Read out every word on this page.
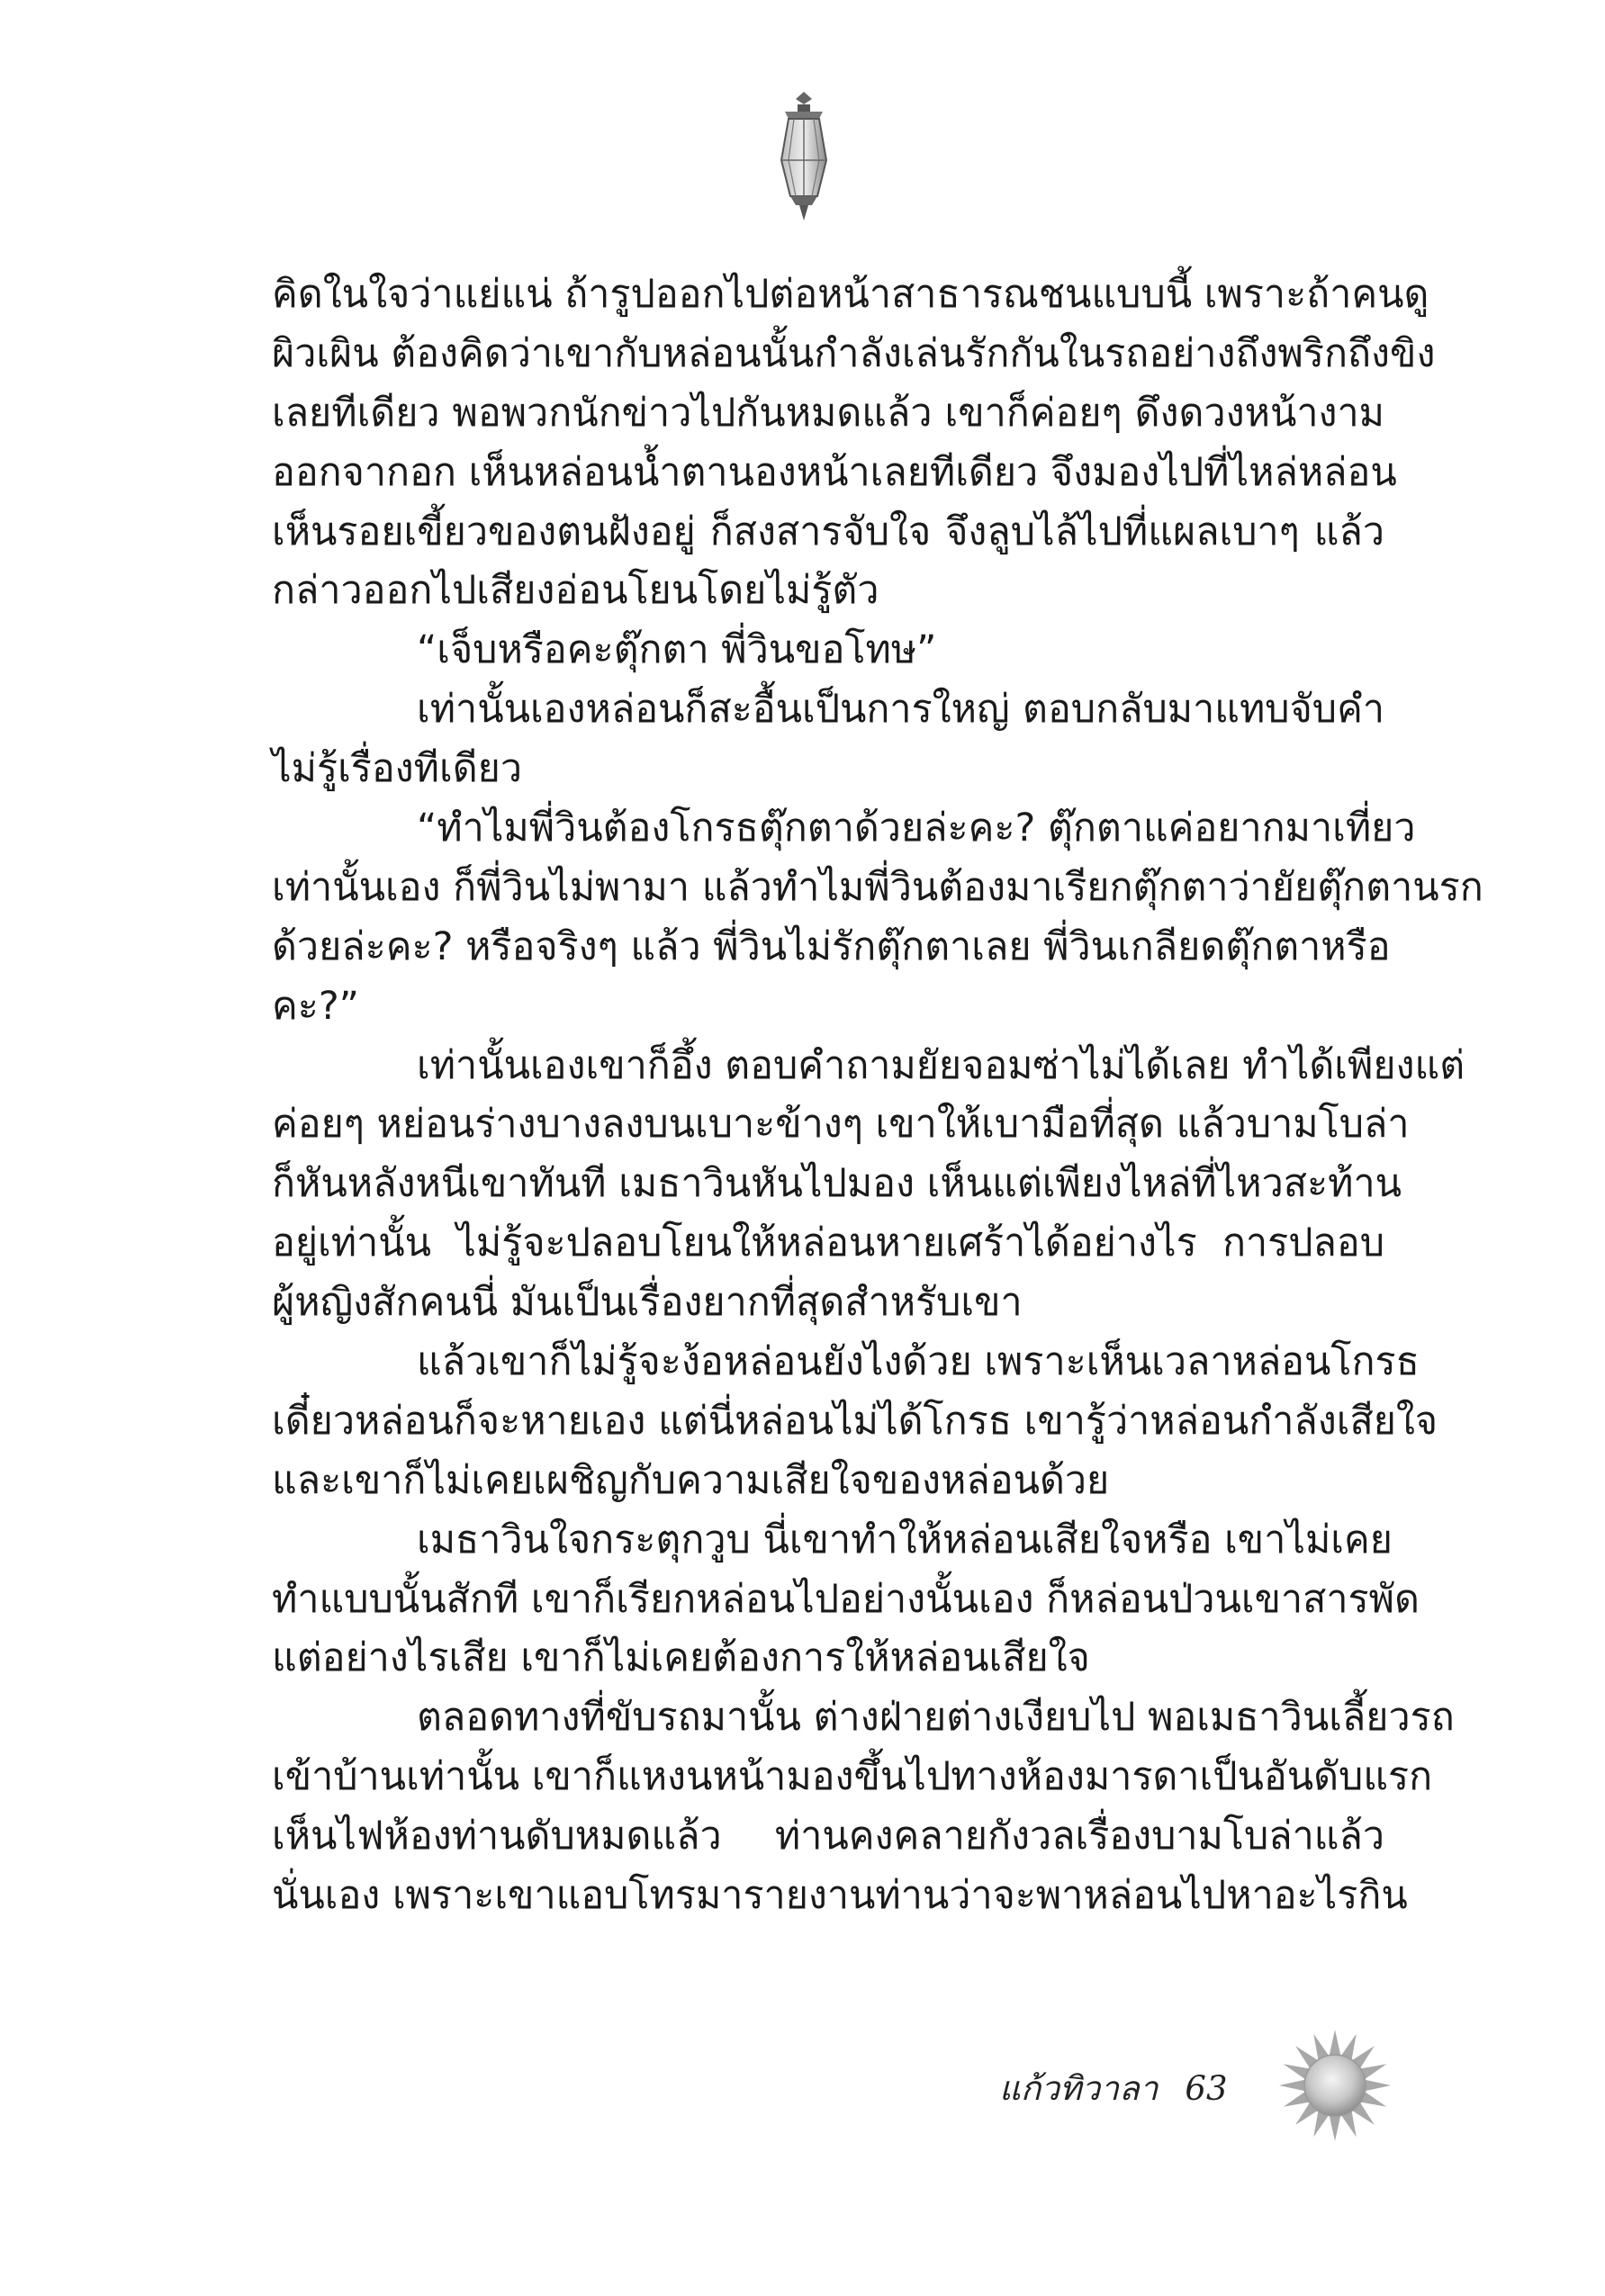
คิดในใจว่าแย่แน่ ถ้ารูปออกไปต่อหน้าสาธารณชนแบบนี้ เพราะถ้าคนดู
ผิวเผิน ต้องคิดว่าเขากับหล่อนนั้นกำลังเล่นรักกันในรถอย่างถึงพริกถึงขิง
เลยทีเดียว พอพวกนักข่าวไปกันหมดแล้ว เขาก็ค่อยๆ ดึงดวงหน้างาม
ออกจากอก เห็นหล่อนน้ำตานองหน้าเลยทีเดียว จึงมองไปที่ไหล่หล่อน
เห็นรอยเขี้ยวของตนฝังอยู่ ก็สงสารจับใจ จึงลูบไล้ไปที่แผลเบาๆ แล้ว
กล่าวออกไปเสียงอ่อนโยนโดยไม่รู้ตัว
“เจ็บหรือคะตุ๊กตา พี่วินขอโทษ”
เท่านั้นเองหล่อนก็สะอื้นเป็นการใหญ่ ตอบกลับมาแทบจับคำ
ไม่รู้เรื่องทีเดียว
“ทำไมพี่วินต้องโกรธตุ๊กตาด้วยล่ะคะ? ตุ๊กตาแค่อยากมาเที่ยว
เท่านั้นเอง ก็พี่วินไม่พามา แล้วทำไมพี่วินต้องมาเรียกตุ๊กตาว่ายัยตุ๊กตานรก
ด้วยล่ะคะ? หรือจริงๆ แล้ว พี่วินไม่รักตุ๊กตาเลย พี่วินเกลียดตุ๊กตาหรือ
คะ?”
เท่านั้นเองเขาก็อึ้ง ตอบคำถามยัยจอมซ่าไม่ได้เลย ทำได้เพียงแต่
ค่อยๆ หย่อนร่างบางลงบนเบาะข้างๆ เขาให้เบามือที่สุด แล้วบามโบล่า
ก็หันหลังหนีเขาทันที เมธาวินหันไปมอง เห็นแต่เพียงไหล่ที่ไหวสะท้าน
อยู่เท่านั้น ไม่รู้จะปลอบโยนให้หล่อนหายเศร้าได้อย่างไร การปลอบ
ผู้หญิงสักคนนี่ มันเป็นเรื่องยากที่สุดสำหรับเขา
แล้วเขาก็ไม่รู้จะง้อหล่อนยังไงด้วย เพราะเห็นเวลาหล่อนโกรธ
เดี๋ยวหล่อนก็จะหายเอง แต่นี่หล่อนไม่ได้โกรธ เขารู้ว่าหล่อนกำลังเสียใจ
และเขาก็ไม่เคยเผชิญกับความเสียใจของหล่อนด้วย
เมธาวินใจกระตุกวูบ นี่เขาทำให้หล่อนเสียใจหรือ เขาไม่เคย
ทำแบบนั้นสักที เขาก็เรียกหล่อนไปอย่างนั้นเอง ก็หล่อนป่วนเขาสารพัด
แต่อย่างไรเสีย เขาก็ไม่เคยต้องการให้หล่อนเสียใจ
ตลอดทางที่ขับรถมานั้น ต่างฝ่ายต่างเงียบไป พอเมธาวินเลี้ยวรถ
เข้าบ้านเท่านั้น เขาก็แหงนหน้ามองขึ้นไปทางห้องมารดาเป็นอันดับแรก
เห็นไฟห้องท่านดับหมดแล้ว ท่านคงคลายกังวลเรื่องบามโบล่าแล้ว
นั่นเอง เพราะเขาแอบโทรมารายงานท่านว่าจะพาหล่อนไปหาอะไรกิน
แก้วทิวาลา 63
